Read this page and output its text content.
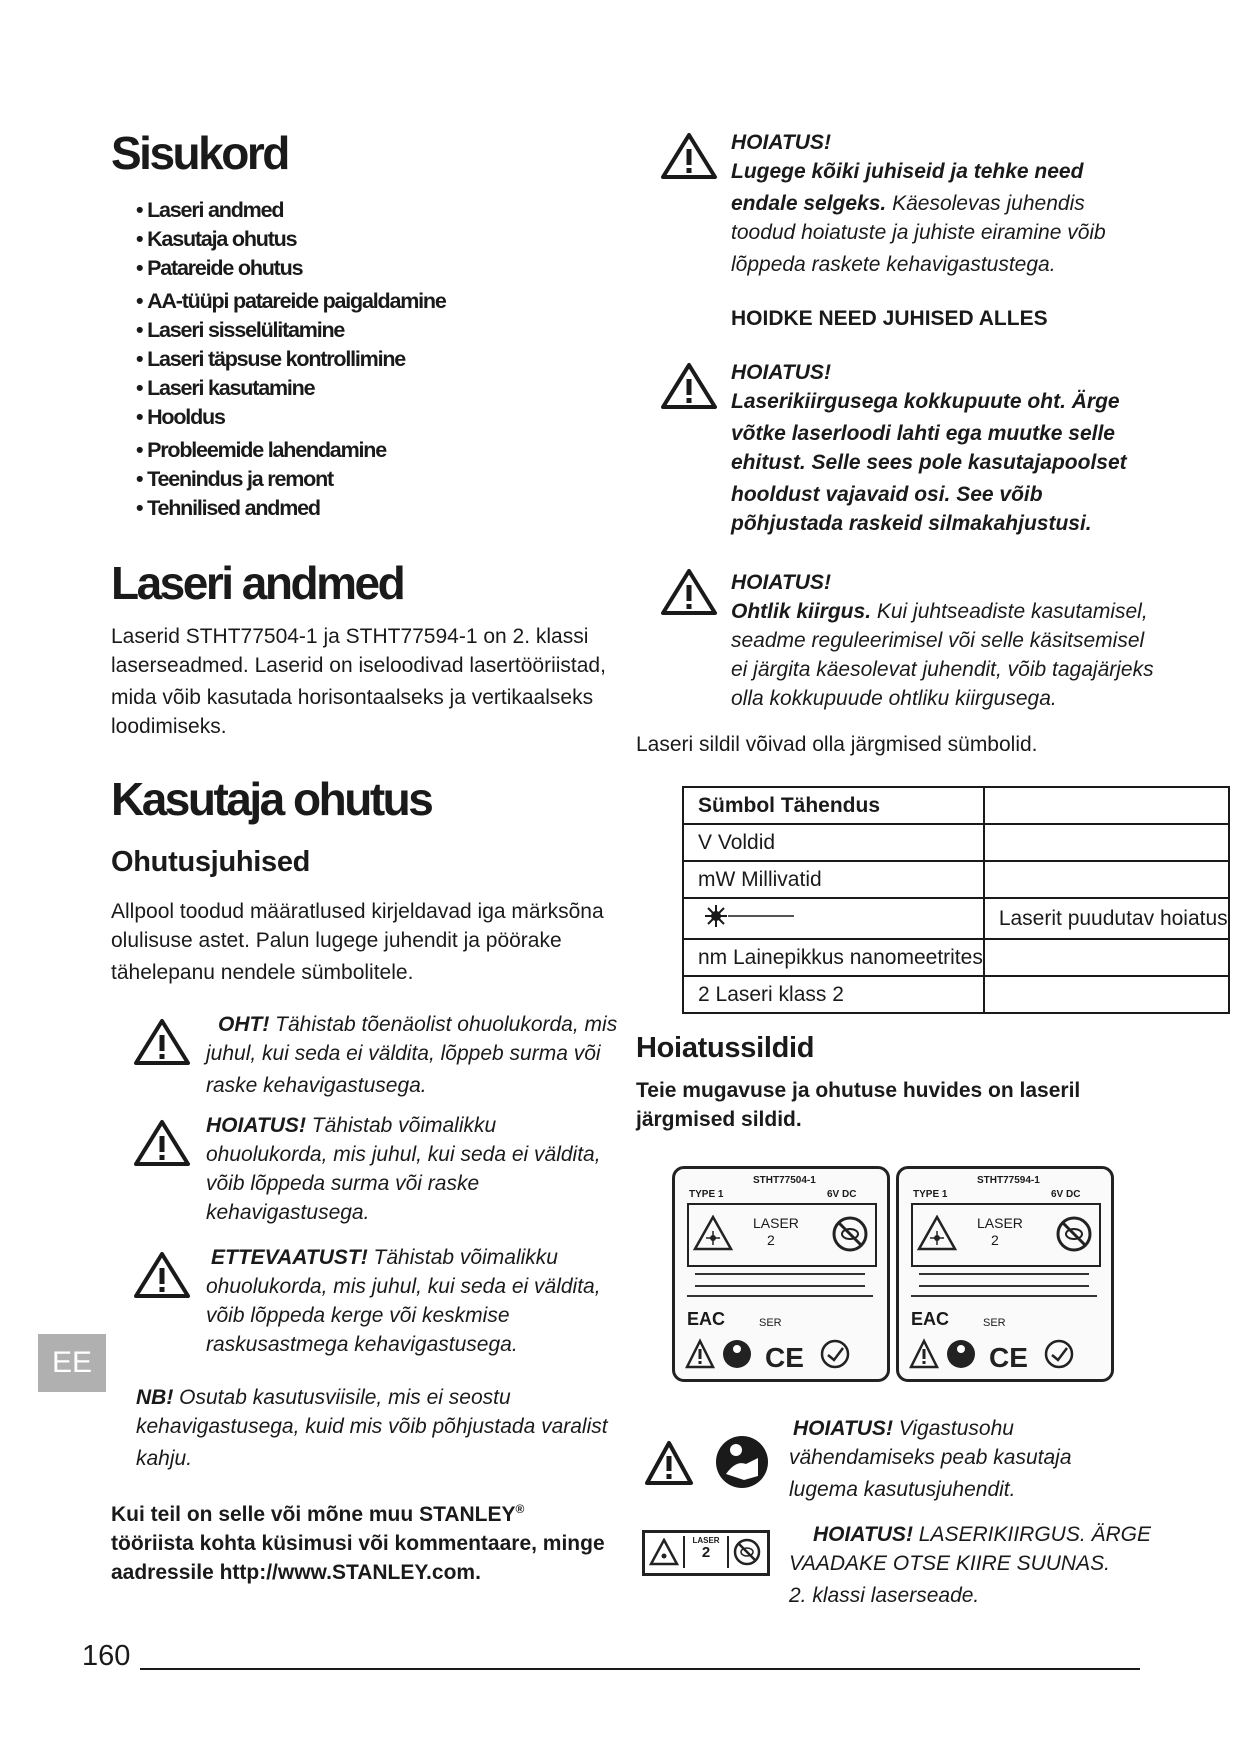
Sisukord
• Laseri andmed
• Kasutaja ohutus
• Patareide ohutus
• AA-tüüpi patareide paigaldamine
• Laseri sisselülitamine
• Laseri täpsuse kontrollimine
• Laseri kasutamine
• Hooldus
• Probleemide lahendamine
• Teenindus ja remont
• Tehnilised andmed
Laseri andmed
Laserid STHT77504-1 ja STHT77594-1 on 2. klassi
laserseadmed. Laserid on iseloodivad lasertööriistad,
mida võib kasutada horisontaalseks ja vertikaalseks
loodimiseks.
Kasutaja ohutus
Ohutusjuhised
Allpool toodud määratlused kirjeldavad iga märksõna
olulisuse astet. Palun lugege juhendit ja pöörake
tähelepanu nendele sümbolitele.
OHT! Tähistab tõenäolist ohuolukorda, mis
juhul, kui seda ei väldita, lõppeb surma või
raske kehavigastusega.
HOIATUS! Tähistab võimalikku
ohuolukorda, mis juhul, kui seda ei väldita,
võib lõppeda surma või raske
kehavigastusega.
ETTEVAATUST! Tähistab võimalikku
ohuolukorda, mis juhul, kui seda ei väldita,
võib lõppeda kerge või keskmise
raskusastmega kehavigastusega.
EE
NB! Osutab kasutusviisile, mis ei seostu
kehavigastusega, kuid mis võib põhjustada varalist
kahju.
Kui teil on selle või mõne muu STANLEY®
tööriista kohta küsimusi või kommentaare, minge
aadressile http://www.STANLEY.com.
160
HOIATUS!
Lugege kõiki juhiseid ja tehke need
endale selgeks. Käesolevas juhendis
toodud hoiatuste ja juhiste eiramine võib
lõppeda raskete kehavigastustega.
HOIDKE NEED JUHISED ALLES
HOIATUS!
Laserikiirgusega kokkupuute oht. Ärge
võtke laserloodi lahti ega muutke selle
ehitust. Selle sees pole kasutajapoolset
hooldust vajavaid osi. See võib
põhjustada raskeid silmakahjustusi.
HOIATUS!
Ohtlik kiirgus. Kui juhtseadiste kasutamisel,
seadme reguleerimisel või selle käsitsemisel
ei järgita käesolevat juhendit, võib tagajärjeks
olla kokkupuude ohtliku kiirgusega.
Laseri sildil võivad olla järgmised sümbolid.
Sümbol Tähendus	
V Voldid	
mW Millivatid	
	Laserit puudutav hoiatus
nm Lainepikkus nanomeetrites	
2 Laseri klass 2	
Hoiatussildid
Teie mugavuse ja ohutuse huvides on laseril
järgmised sildid.
STHT77504-1
TYPE 1	6V DC
LASER
2
EAC	SER
CE
STHT77594-1
TYPE 1	6V DC
LASER
2
EAC	SER
CE
HOIATUS! Vigastusohu
vähendamiseks peab kasutaja
lugema kasutusjuhendit.
LASER
2
HOIATUS! LASERIKIIRGUS. ÄRGE
VAADAKE OTSE KIIRE SUUNAS.
2. klassi laserseade.
